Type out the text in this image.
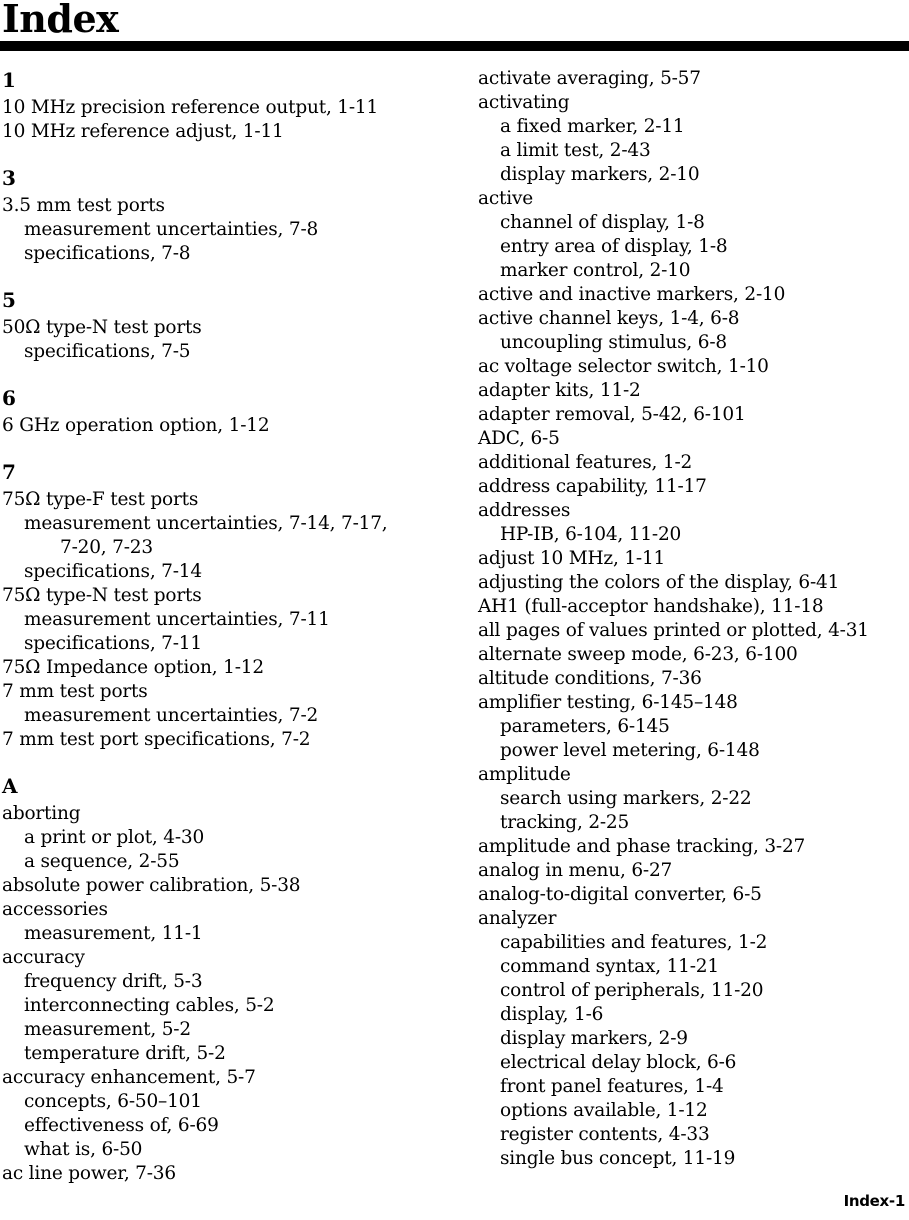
Index
1
10 MHz precision reference output, 1-11
10 MHz reference adjust, 1-11
3
3.5 mm test ports
measurement uncertainties, 7-8
specifications, 7-8
5
50Ω type-N test ports
specifications, 7-5
6
6 GHz operation option, 1-12
7
75Ω type-F test ports
measurement uncertainties, 7-14, 7-17,
7-20, 7-23
specifications, 7-14
75Ω type-N test ports
measurement uncertainties, 7-11
specifications, 7-11
75Ω Impedance option, 1-12
7 mm test ports
measurement uncertainties, 7-2
7 mm test port specifications, 7-2
A
aborting
a print or plot, 4-30
a sequence, 2-55
absolute power calibration, 5-38
accessories
measurement, 11-1
accuracy
frequency drift, 5-3
interconnecting cables, 5-2
measurement, 5-2
temperature drift, 5-2
accuracy enhancement, 5-7
concepts, 6-50–101
effectiveness of, 6-69
what is, 6-50
ac line power, 7-36
activate averaging, 5-57
activating
a fixed marker, 2-11
a limit test, 2-43
display markers, 2-10
active
channel of display, 1-8
entry area of display, 1-8
marker control, 2-10
active and inactive markers, 2-10
active channel keys, 1-4, 6-8
uncoupling stimulus, 6-8
ac voltage selector switch, 1-10
adapter kits, 11-2
adapter removal, 5-42, 6-101
ADC, 6-5
additional features, 1-2
address capability, 11-17
addresses
HP-IB, 6-104, 11-20
adjust 10 MHz, 1-11
adjusting the colors of the display, 6-41
AH1 (full-acceptor handshake), 11-18
all pages of values printed or plotted, 4-31
alternate sweep mode, 6-23, 6-100
altitude conditions, 7-36
amplifier testing, 6-145–148
parameters, 6-145
power level metering, 6-148
amplitude
search using markers, 2-22
tracking, 2-25
amplitude and phase tracking, 3-27
analog in menu, 6-27
analog-to-digital converter, 6-5
analyzer
capabilities and features, 1-2
command syntax, 11-21
control of peripherals, 11-20
display, 1-6
display markers, 2-9
electrical delay block, 6-6
front panel features, 1-4
options available, 1-12
register contents, 4-33
single bus concept, 11-19
Index-1
